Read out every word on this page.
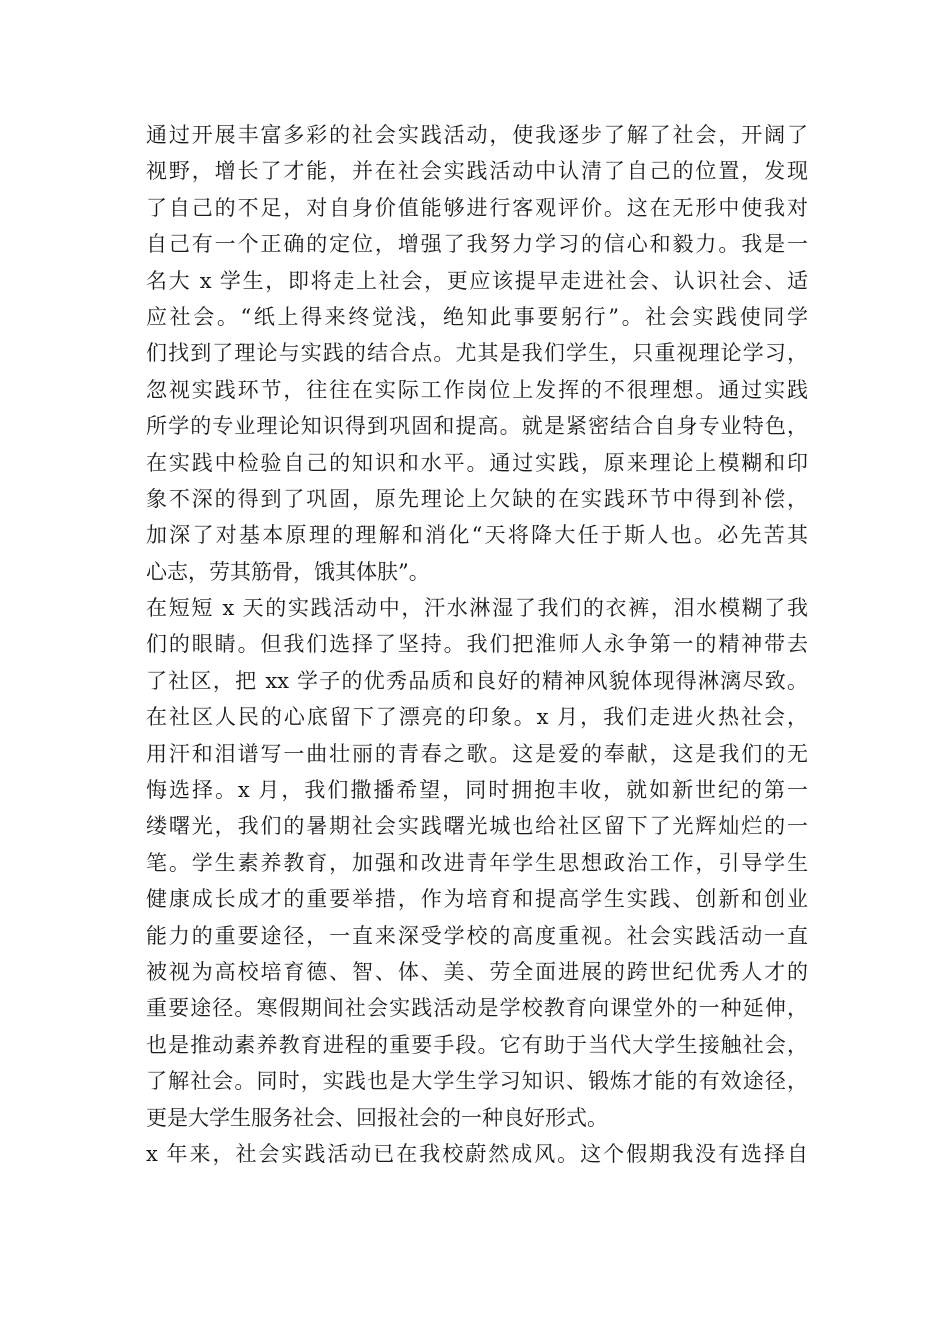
通过开展丰富多彩的社会实践活动，使我逐步了解了社会，开阔了
视野，增长了才能，并在社会实践活动中认清了自己的位置，发现
了自己的不足，对自身价值能够进行客观评价。这在无形中使我对
自己有一个正确的定位，增强了我努力学习的信心和毅力。我是一
名大 x 学生，即将走上社会，更应该提早走进社会、认识社会、适
应社会。“纸上得来终觉浅，绝知此事要躬行”。社会实践使同学
们找到了理论与实践的结合点。尤其是我们学生，只重视理论学习，
忽视实践环节，往往在实际工作岗位上发挥的不很理想。通过实践
所学的专业理论知识得到巩固和提高。就是紧密结合自身专业特色，
在实践中检验自己的知识和水平。通过实践，原来理论上模糊和印
象不深的得到了巩固，原先理论上欠缺的在实践环节中得到补偿，
加深了对基本原理的理解和消化“天将降大任于斯人也。必先苦其
心志，劳其筋骨，饿其体肤”。
在短短 x 天的实践活动中，汗水淋湿了我们的衣裤，泪水模糊了我
们的眼睛。但我们选择了坚持。我们把淮师人永争第一的精神带去
了社区，把 xx 学子的优秀品质和良好的精神风貌体现得淋漓尽致。
在社区人民的心底留下了漂亮的印象。x 月，我们走进火热社会，
用汗和泪谱写一曲壮丽的青春之歌。这是爱的奉献，这是我们的无
悔选择。x 月，我们撒播希望，同时拥抱丰收，就如新世纪的第一
缕曙光，我们的暑期社会实践曙光城也给社区留下了光辉灿烂的一
笔。学生素养教育，加强和改进青年学生思想政治工作，引导学生
健康成长成才的重要举措，作为培育和提高学生实践、创新和创业
能力的重要途径，一直来深受学校的高度重视。社会实践活动一直
被视为高校培育德、智、体、美、劳全面进展的跨世纪优秀人才的
重要途径。寒假期间社会实践活动是学校教育向课堂外的一种延伸，
也是推动素养教育进程的重要手段。它有助于当代大学生接触社会，
了解社会。同时，实践也是大学生学习知识、锻炼才能的有效途径，
更是大学生服务社会、回报社会的一种良好形式。
x 年来，社会实践活动已在我校蔚然成风。这个假期我没有选择自
